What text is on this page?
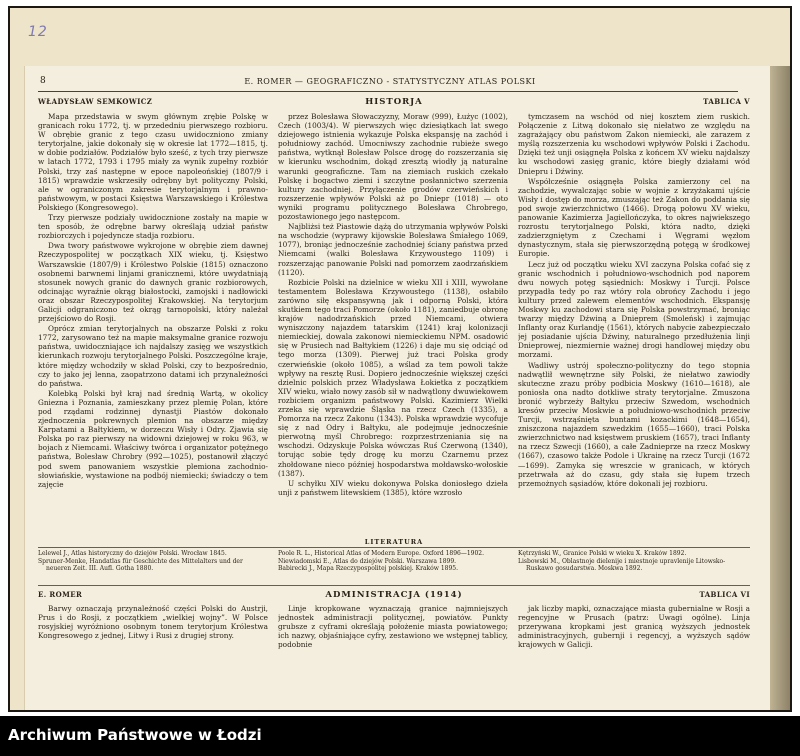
12
8	E. ROMER — GEOGRAFICZNO - STATYSTYCZNY ATLAS POLSKI
WŁADYSŁAW SEMKOWICZ	HISTORJA	TABLICA V

Mapa przedstawia w swym głównym zrębie Polskę w granicach roku 1772, tj. w przededniu pierwszego rozbioru. W obrębie granic z tego czasu uwidoczniono zmiany terytorjalne, jakie dokonały się w okresie lat 1772—1815, tj. w dobie podziałów. Podziałów było sześć, z tych trzy pierwsze w latach 1772, 1793 i 1795 miały za wynik zupełny rozbiór Polski, trzy zaś następne w epoce napoleońskiej (1807/9 i 1815) wprawdzie wskrzesiły odrębny byt polityczny Polski, ale w ograniczonym zakresie terytorjalnym i prawno-państwowym, w postaci Księstwa Warszawskiego i Królestwa Polskiego (Kongresowego).

Trzy pierwsze podziały uwidocznione zostały na mapie w ten sposób, że odrębne barwy określają udział państw rozbiorczych i pojedyncze stadja rozbioru.

Dwa twory państwowe wykrojone w obrębie ziem dawnej Rzeczypospolitej w początkach XIX wieku, tj. Księstwo Warszawskie (1807/9) i Królestwo Polskie (1815) oznaczono osobnemi barwnemi linjami granicznemi, które uwydatniają stosunek nowych granic do dawnych granic rozbiorowych, odcinając wyraźnie okrąg białostocki, zamojski i nadłowicki oraz obszar Rzeczypospolitej Krakowskiej. Na terytorjum Galicji odgraniczono też okrąg tarnopolski, który należał przejściowo do Rosji.

Oprócz zmian terytorjalnych na obszarze Polski z roku 1772, zarysowano też na mapie maksymalne granice rozwoju państwa, uwidoczniające ich najdalszy zasięg we wszystkich kierunkach rozwoju terytorjalnego Polski. Poszczególne kraje, które między wchodziły w skład Polski, czy to bezpośrednio, czy to jako jej lenna, zaopatrzono datami ich przynależności do państwa.

Kolebką Polski był kraj nad średnią Wartą, w okolicy Gniezna i Poznania, zamieszkany przez plemię Polan, które pod rządami rodzinnej dynastji Piastów dokonało zjednoczenia pokrewnych plemion na obszarze między Karpatami a Bałtykiem, w dorzeczu Wisły i Odry. Zjawia się Polska po raz pierwszy na widowni dziejowej w roku 963, w bojach z Niemcami. Właściwy twórca i organizator potężnego państwa, Bolesław Chrobry (992—1025), postanowił złączyć pod swem panowaniem wszystkie plemiona zachodnio-słowiańskie, wystawione na podbój niemiecki; świadczy o tem zajęcie

przez Bolesława Słowaczyzny, Moraw (999), Łużyc (1002), Czech (1003/4). W pierwszych więc dziesiątkach lat swego dziejowego istnienia wykazuje Polska ekspansję na zachód i południowy zachód. Umocniwszy zachodnie rubieże swego państwa, wytknął Bolesław Polsce drogę do rozszerzania się w kierunku wschodnim, dokąd zresztą wiodły ją naturalne warunki geograficzne. Tam na ziemiach ruskich czekało Polskę i bogactwo ziemi i szczytne posłannictwo szerzenia kultury zachodniej. Przyłączenie grodów czerwieńskich i rozszerzenie wpływów Polski aż po Dniepr (1018) — oto wyniki programu politycznego Bolesława Chrobrego, pozostawionego jego następcom.

Najbliżsi też Piastowie dążą do utrzymania wpływów Polski na wschodzie (wyprawy kijowskie Bolesława Śmiałego 1069, 1077), broniąc jednocześnie zachodniej ściany państwa przed Niemcami (walki Bolesława Krzywoustego 1109) i rozszerzając panowanie Polski nad pomorzem zaodrzańskiem (1120).

Rozbicie Polski na dzielnice w wieku XII i XIII, wywołane testamentem Bolesława Krzywoustego (1138), osłabiło zarówno siłę ekspansywną jak i odporną Polski, która skutkiem tego traci Pomorze (około 1181), zaniedbuje obronę krajów nadodrzańskich przed Niemcami, otwiera wyniszczony najazdem tatarskim (1241) kraj kolonizacji niemieckiej, dowala zakonowi niemieckiemu NPM. osadowić się w Prusiech nad Bałtykiem (1226) i daje mu się odciąć od tego morza (1309). Pierwej już traci Polska grody czerwieńskie (około 1085), a wślad za tem powoli także wpływy na resztę Rusi. Dopiero jednocześnie większej części dzielnic polskich przez Władysława Łokietka z początkiem XIV wieku, wiało nowy zasób sił w nadwątlony dwuwiekowem rozbiciem organizm państwowy Polski. Kazimierz Wielki zrzeka się wprawdzie Śląska na rzecz Czech (1335), a Pomorza na rzecz Zakonu (1343). Polska wprawdzie wycofuje się z nad Odry i Bałtyku, ale podejmuje jednocześnie pierwotną myśl Chrobrego: rozprzestrzeniania się na wschodzi. Odzyskuje Polska wówczas Ruś Czerwoną (1340), torując sobie tędy drogę ku morzu Czarnemu przez zhołdowane nieco później hospodarstwa mołdawsko-wołoskie (1387).

U schyłku XIV wieku dokonywa Polska doniosłego dzieła unji z państwem litewskiem (1385), które wzrosło

tymczasem na wschód od niej kosztem ziem ruskich. Połączenie z Litwą dokonało się niełatwo ze względu na zagrażający obu państwom Zakon niemiecki, ale zarazem z myślą rozszerzenia ku wschodowi wpływów Polski i Zachodu. Dzięki też unji osiągnęła Polska z końcem XV wieku najdalszy ku wschodowi zasięg granic, które biegły działami wód Dniepru i Dźwiny.

Współcześnie osiągnęła Polska zamierzony cel na zachodzie, wywalczając sobie w wojnie z krzyżakami ujście Wisły i dostęp do morza, zmuszając też Zakon do poddania się pod swoje zwierzchnictwo (1466). Drogą połowu XV wieku, panowanie Kazimierza Jagiellończyka, to okres najwiekszego rozrostu terytorjalnego Polski, która nadto, dzięki zadzierzgniętym z Czechami i Węgrami węzłom dynastycznym, stała się pierwszorzędną potęgą w środkowej Europie.

Lecz już od początku wieku XVI zaczyna Polska cofać się z granic wschodnich i południowo-wschodnich pod naporem dwu nowych potęg sąsiednich: Moskwy i Turcji. Polsce przypadła tedy po raz wtóry rola obrońcy Zachodu i jego kultury przed zalewem elementów wschodnich. Ekspansję Moskwy ku zachodowi stara się Polska powstrzymać, broniąc twarzy między Dźwiną a Dnieprem (Smoleńsk) i zajmując Inflanty oraz Kurlandję (1561), których nabycie zabezpieczało jej posiadanie ujścia Dźwiny, naturalnego przedłużenia linji Dnieprowej, niezmiernie ważnej drogi handlowej między obu morzami.

Wadliwy ustrój społeczno-polityczny do tego stopnia nadwątlił wewnętrzne siły Polski, że niełatwo zawiodły skuteczne zrazu próby podbicia Moskwy (1610—1618), ale poniosła ona nadto dotkliwe straty terytorjalne. Zmuszona bronić wybrzeży Bałtyku przeciw Szwedom, wschodnich kresów przeciw Moskwie a południowo-wschodnich przeciw Turcji, wstrząśnięta buntami kozackimi (1648—1654), zniszczona najazdem szwedzkim (1655—1660), traci Polska zwierzchnictwo nad księstwem pruskiem (1657), traci Inflanty na rzecz Szwecji (1660), a całe Zadnieprze na rzecz Moskwy (1667), czasowo także Podole i Ukrainę na rzecz Turcji (1672—1699). Zamyka się wreszcie w granicach, w których przetrwała aż do czasu, gdy stała się łupem trzech przemożnych sąsiadów, które dokonali jej rozbioru.

LITERATURA
Lelewel J., Atlas historyczny do dziejów Polski. Wrocław 1845.
Spruner-Menke, Handatlas für Geschichte des Mittelalters und der neueren Zeit. III. Aufl. Gotha 1880.
Poole R. L., Historical Atlas of Modern Europe. Oxford 1896—1902.
Niewiadomski E., Atlas do dziejów Polski. Warszawa 1899.
Babirecki J., Mapa Rzeczypospolitej polskiej. Kraków 1895.
Kętrzyński W., Granice Polski w wieku X. Kraków 1892.
Lisbowski M., Oblastnoje dielenije i miestnoje upravlenije Litowsko-Ruskawo gosudarstwa. Moskwa 1892.
E. ROMER	ADMINISTRACJA (1914)	TABLICA VI

Barwy oznaczają przynależność części Polski do Austrji, Prus i do Rosji, z początkiem „wielkiej wojny”. W Polsce rosyjskiej wyróżniono osobnym tonem terytorjum Królestwa Kongresowego z jednej, Litwy i Rusi z drugiej strony.

Linje kropkowane wyznaczają granice najmniejszych jednostek administracji politycznej, powiatów. Punkty grubsze z cyframi określają położenie miasta powiatowego; ich nazwy, objaśniające cyfry, zestawiono we wstępnej tablicy, podobnie

jak liczby mapki, oznaczające miasta gubernialne w Rosji a regencyjne w Prusach (patrz: Uwagi ogólne). Linja przerywana kropkami jest granicą wyższych jednostek administracyjnych, gubernji i regencyj, a wyższych sądów krajowych w Galicji.

Archiwum Państwowe w Łodzi
